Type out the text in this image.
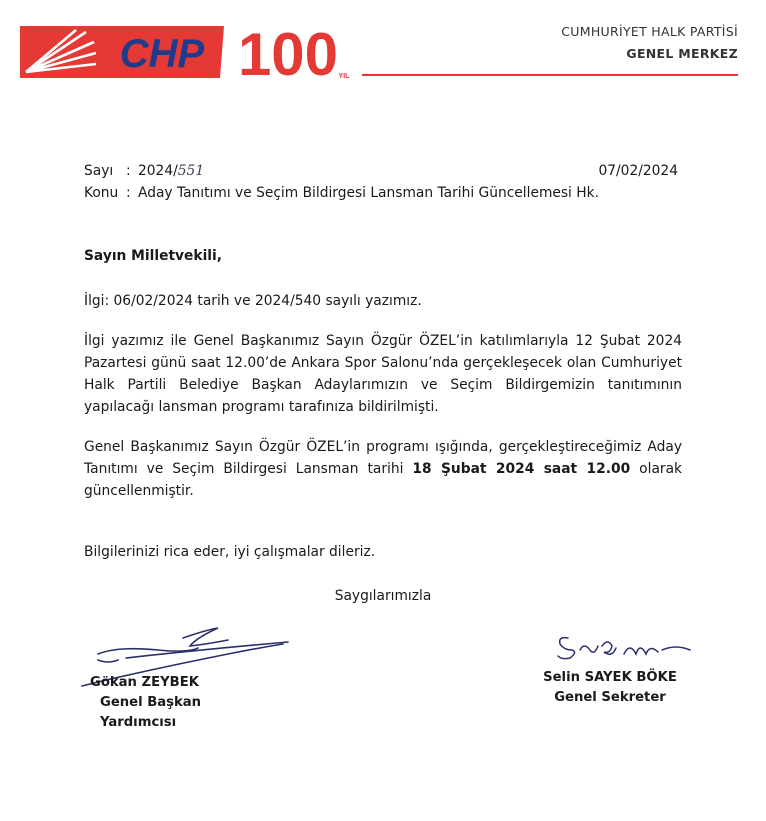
CHP 100 YIL
CUMHURİYET HALK PARTİSİ
GENEL MERKEZ
Sayı : 2024/ 551	07/02/2024
Konu : Aday Tanıtımı ve Seçim Bildirgesi Lansman Tarihi Güncellemesi Hk.
Sayın Milletvekili,
İlgi: 06/02/2024 tarih ve 2024/540 sayılı yazımız.
İlgi yazımız ile Genel Başkanımız Sayın Özgür ÖZEL’in katılımlarıyla 12 Şubat 2024 Pazartesi günü saat 12.00’de Ankara Spor Salonu’nda gerçekleşecek olan Cumhuriyet Halk Partili Belediye Başkan Adaylarımızın ve Seçim Bildirgemizin tanıtımının yapılacağı lansman programı tarafınıza bildirilmişti.
Genel Başkanımız Sayın Özgür ÖZEL’in programı ışığında, gerçekleştireceğimiz Aday Tanıtımı ve Seçim Bildirgesi Lansman tarihi 18 Şubat 2024 saat 12.00 olarak güncellenmiştir.
Bilgilerinizi rica eder, iyi çalışmalar dileriz.
Saygılarımızla
Gökan ZEYBEK
Genel Başkan Yardımcısı
Selin SAYEK BÖKE
Genel Sekreter
